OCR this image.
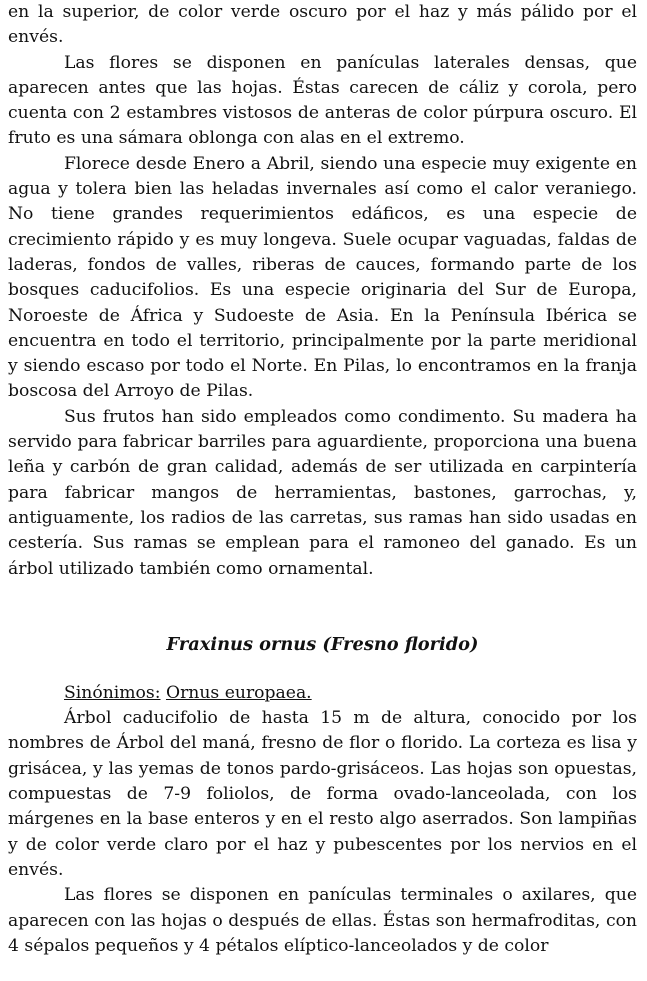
en la superior, de color verde oscuro por el haz y más pálido por el envés.

Las flores se disponen en panículas laterales densas, que aparecen antes que las hojas. Éstas carecen de cáliz y corola, pero cuenta con 2 estambres vistosos de anteras de color púrpura oscuro. El fruto es una sámara oblonga con alas en el extremo.

Florece desde Enero a Abril, siendo una especie muy exigente en agua y tolera bien las heladas invernales así como el calor veraniego. No tiene grandes requerimientos edáficos, es una especie de crecimiento rápido y es muy longeva. Suele ocupar vaguadas, faldas de laderas, fondos de valles, riberas de cauces, formando parte de los bosques caducifolios. Es una especie originaria del Sur de Europa, Noroeste de África y Sudoeste de Asia. En la Península Ibérica se encuentra en todo el territorio, principalmente por la parte meridional y siendo escaso por todo el Norte. En Pilas, lo encontramos en la franja boscosa del Arroyo de Pilas.

Sus frutos han sido empleados como condimento. Su madera ha servido para fabricar barriles para aguardiente, proporciona una buena leña y carbón de gran calidad, además de ser utilizada en carpintería para fabricar mangos de herramientas, bastones, garrochas, y, antiguamente, los radios de las carretas, sus ramas han sido usadas en cestería. Sus ramas se emplean para el ramoneo del ganado. Es un árbol utilizado también como ornamental.

Fraxinus ornus (Fresno florido)

Sinónimos: Ornus europaea.

Árbol caducifolio de hasta 15 m de altura, conocido por los nombres de Árbol del maná, fresno de flor o florido. La corteza es lisa y grisácea, y las yemas de tonos pardo-grisáceos. Las hojas son opuestas, compuestas de 7-9 foliolos, de forma ovado-lanceolada, con los márgenes en la base enteros y en el resto algo aserrados. Son lampiñas y de color verde claro por el haz y pubescentes por los nervios en el envés.

Las flores se disponen en panículas terminales o axilares, que aparecen con las hojas o después de ellas. Éstas son hermafroditas, con 4 sépalos pequeños y 4 pétalos elíptico-lanceolados y de color
